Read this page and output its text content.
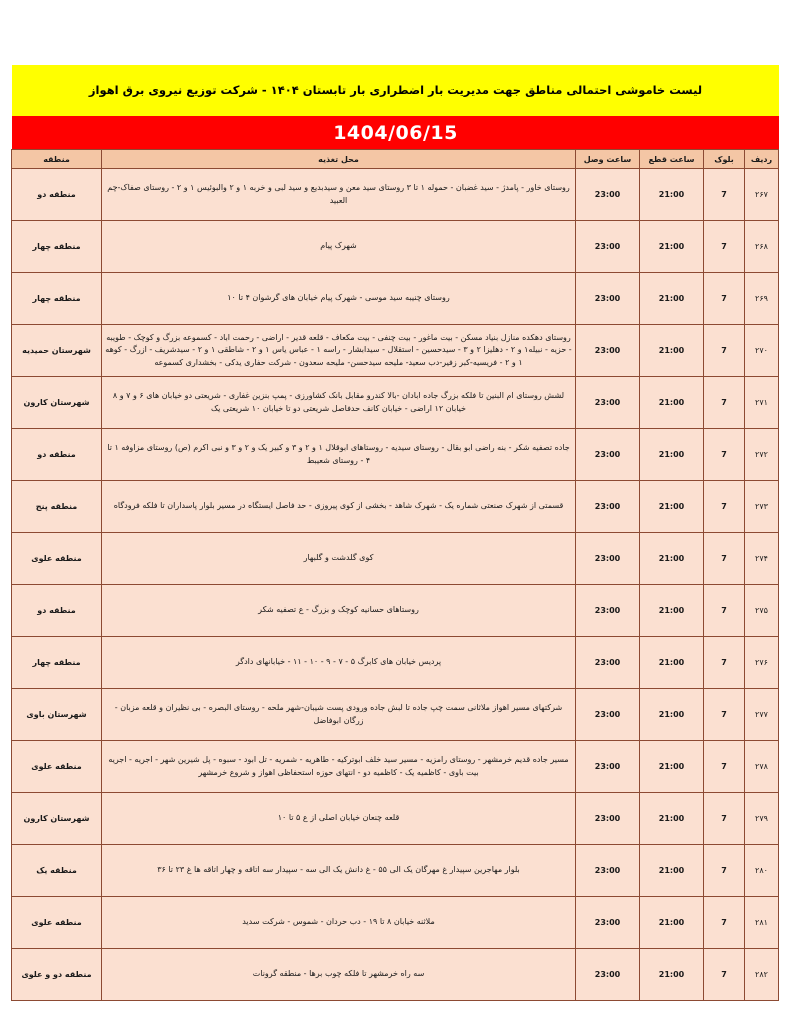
لیست خاموشی احتمالی مناطق جهت مدیریت بار اضطراری بار تابستان ۱۴۰۴ - شرکت توزیع نیروی برق اهواز
1404/06/15
ردیف	بلوک	ساعت قطع	ساعت وصل	محل تغذیه	منطقه
۲۶۷	7	21:00	23:00	روستای خاور - پامدژ - سید غضبان - حموله ۱ تا ۳ روستای سید معن و سیدبدیع و سید لبی و خربه ۱ و ۲ والبوئیس ۱ و ۲ - روستای صفاک-چم العبید	منطقه دو
۲۶۸	7	21:00	23:00	شهرک پیام	منطقه چهار
۲۶۹	7	21:00	23:00	روستای چنیبه سید موسی - شهرک پیام خیابان های گرشوان ۴ تا ۱۰	منطقه چهار
۲۷۰	7	21:00	23:00	روستای دهکده منازل بنیاد مسکن - بیت ماغور - بیت چنفی - بیت مکعاف - قلعه قدیر - اراضی - رحمت اباد - کسموعه بزرگ و کوچک - طویبه - حزیه - نبیله۱ و ۲ - دهلیزا ۲ و ۳ - سیدحسین - استقلال - سیدابشار - راسه ۱ - عباس یاس ۱ و ۲ - شاطقی ۱ و ۲ - سیدشریف - ازرگ - کوهه ۱ و ۲ - فریسیه-کبر زفیر-دب سعید- ملیحه سیدحسن- ملیحه سعدون - شرکت حفاری یدکی - بخشداری کسموعه	شهرستان حمیدیه
۲۷۱	7	21:00	23:00	لشش روستای ام البنین تا فلکه بزرگ جاده ابادان -بالا کندرو مقابل بانک کشاورزی - پمپ بنزین غفاری - شریعتی دو خیابان های ۶ و ۷ و ۸ خیابان ۱۲ اراضی - خیابان کانف حدفاصل شریعتی دو تا خیابان ۱۰ شریعتی یک	شهرستان کارون
۲۷۲	7	21:00	23:00	جاده تصفیه شکر - بنه راضی ابو بقال - روستای سیدیه - روستاهای ابوقلال ۱ و ۲ و ۳ و کبیر یک و ۲ و ۳ و نبی اکرم (ص) روستای مزاوفه ۱ تا ۴ - روستای شعیبط	منطقه دو
۲۷۳	7	21:00	23:00	قسمتی از شهرک صنعتی شماره یک - شهرک شاهد - بخشی از کوی پیروزی - حد فاصل ایستگاه در مسیر بلوار پاسداران تا فلکه فرودگاه	منطقه پنج
۲۷۴	7	21:00	23:00	کوی گلدشت و گلبهار	منطقه علوی
۲۷۵	7	21:00	23:00	روستاهای حسانیه کوچک و بزرگ - ع تصفیه شکر	منطقه دو
۲۷۶	7	21:00	23:00	پردیس خیابان های کابرگ ۵ - ۷ - ۹ - ۱۰ - ۱۱ - خیابانهای دادگر	منطقه چهار
۲۷۷	7	21:00	23:00	شرکتهای مسیر اهواز ملاثانی سمت چپ جاده تا لبش جاده ورودی پست شیبان-شهر ملحه - روستای البصره - بی نظیران و قلعه مزبان - زرگان ابوفاضل	شهرستان باوی
۲۷۸	7	21:00	23:00	مسیر جاده قدیم خرمشهر - روستای رامزیه - مسیر سید خلف ابوترکیه - طاهریه - شمریه - تل ابود - سبوه - پل شیرین شهر - اجریه - اجریه بیت باوی - کاظمیه یک - کاظمیه دو - انتهای حوزه استحفاظی اهواز و شروع خرمشهر	منطقه علوی
۲۷۹	7	21:00	23:00	قلعه چنعان خیابان اصلی از ع ۵ تا ۱۰	شهرستان کارون
۲۸۰	7	21:00	23:00	بلوار مهاجرین سپیدار غ مهرگان یک الی ۵۵ - غ دانش یک الی سه - سپیدار سه اتاقه و چهار اتاقه ها غ ۲۳ تا ۳۶	منطقه یک
۲۸۱	7	21:00	23:00	ملاثنه خیابان ۸ تا ۱۹ - دب حردان - شموس - شرکت سدید	منطقه علوی
۲۸۲	7	21:00	23:00	سه راه خرمشهر تا فلکه چوب برها - منطقه گرونات	منطقه دو و علوی
